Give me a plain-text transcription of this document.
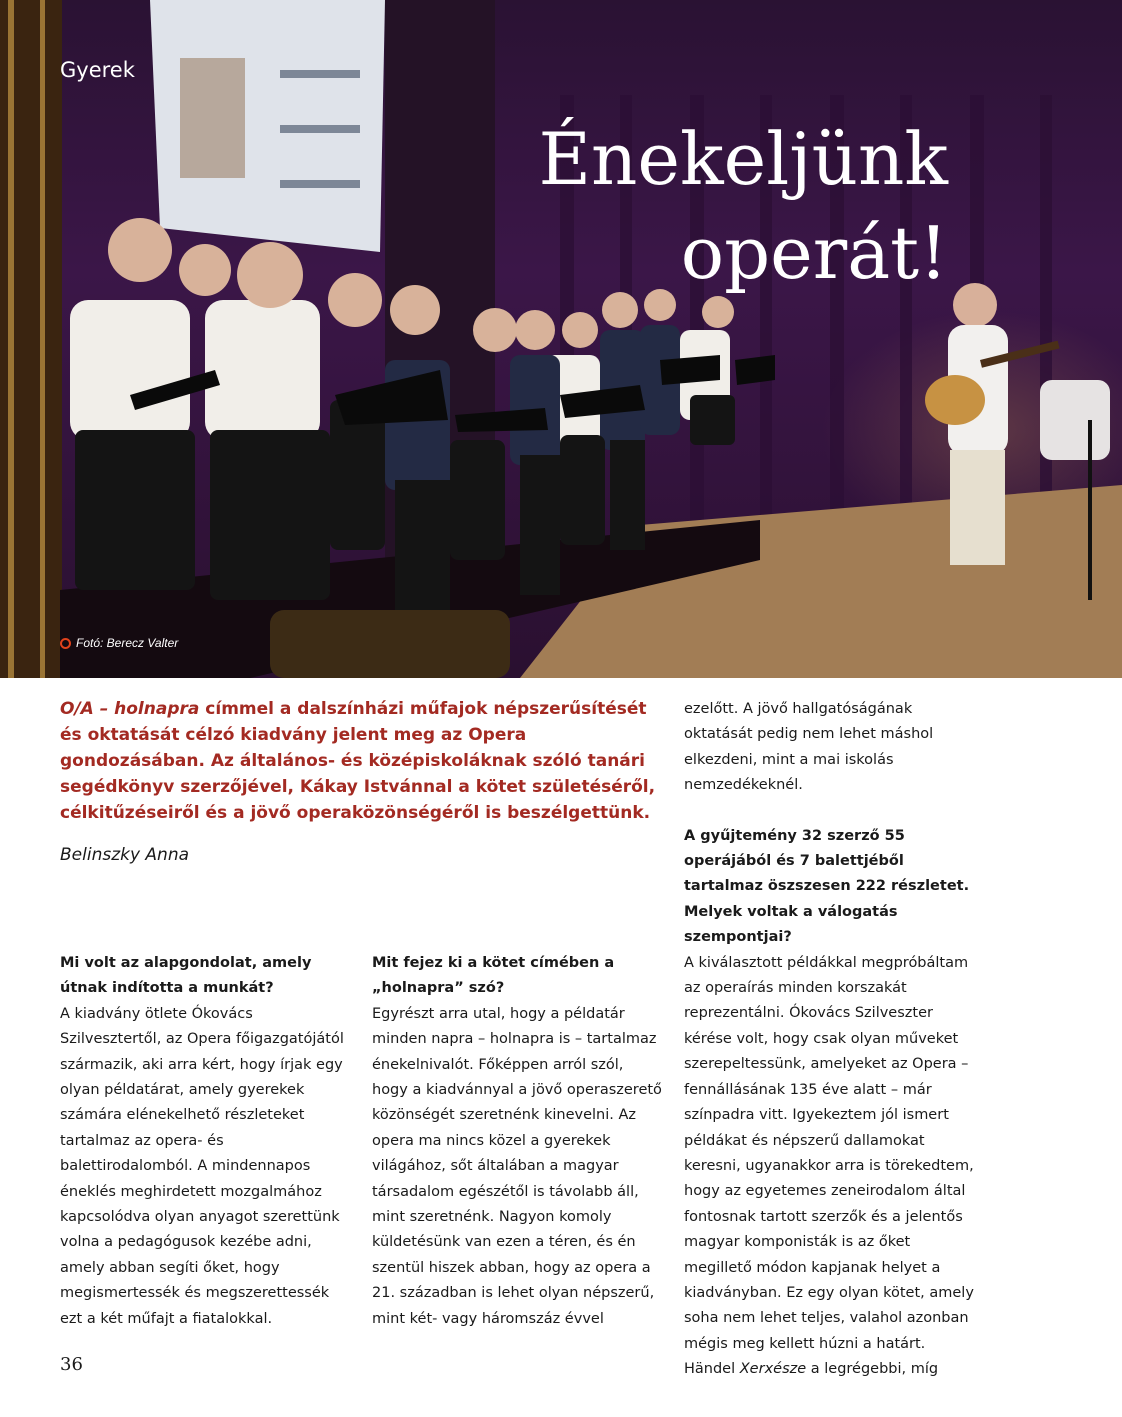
Gyerek
Énekeljünk
operát!
Fotó: Berecz Valter
O/A – holnapra címmel a dalszínházi műfajok népszerűsítését és oktatását célzó kiadvány jelent meg az Opera gondozásában. Az általános- és középiskoláknak szóló tanári segédkönyv szerzőjével, Kákay Istvánnal a kötet születéséről, célkitűzéseiről és a jövő operaközönségéről is beszélgettünk.
Belinszky Anna

Mi volt az alapgondolat, amely útnak indította a munkát?

A kiadvány ötlete Ókovács Szilvesztertől, az Opera főigazgatójától származik, aki arra kért, hogy írjak egy olyan példatárat, amely gyerekek számára elénekelhető részleteket tartalmaz az opera- és balettirodalomból. A mindennapos éneklés meghirdetett mozgalmához kapcsolódva olyan anyagot szerettünk volna a pedagógusok kezébe adni, amely abban segíti őket, hogy megismertessék és megszerettessék ezt a két műfajt a fiatalokkal.

Mit fejez ki a kötet címében a „holnapra” szó?

Egyrészt arra utal, hogy a példatár minden napra – holnapra is – tartalmaz énekelnivalót. Főképpen arról szól, hogy a kiadvánnyal a jövő operaszerető közönségét szeretnénk kinevelni. Az opera ma nincs közel a gyerekek világához, sőt általában a magyar társadalom egészétől is távolabb áll, mint szeretnénk. Nagyon komoly küldetésünk van ezen a téren, és én szentül hiszek abban, hogy az opera a 21. században is lehet olyan népszerű, mint két- vagy háromszáz évvel

ezelőtt. A jövő hallgatóságának oktatását pedig nem lehet máshol elkezdeni, mint a mai iskolás nemzedékeknél.

A gyűjtemény 32 szerző 55 operájából és 7 balettjéből tartalmaz öszszesen 222 részletet. Melyek voltak a válogatás szempontjai?

A kiválasztott példákkal megpróbáltam az operaírás minden korszakát reprezentálni. Ókovács Szilveszter kérése volt, hogy csak olyan műveket szerepeltessünk, amelyeket az Opera – fennállásának 135 éve alatt – már színpadra vitt. Igyekeztem jól ismert példákat és népszerű dallamokat keresni, ugyanakkor arra is törekedtem, hogy az egyetemes zeneirodalom által fontosnak tartott szerzők és a jelentős magyar komponisták is az őket megillető módon kapjanak helyet a kiadványban. Ez egy olyan kötet, amely soha nem lehet teljes, valahol azonban mégis meg kellett húzni a határt. Händel Xerxésze a legrégebbi, míg

36
